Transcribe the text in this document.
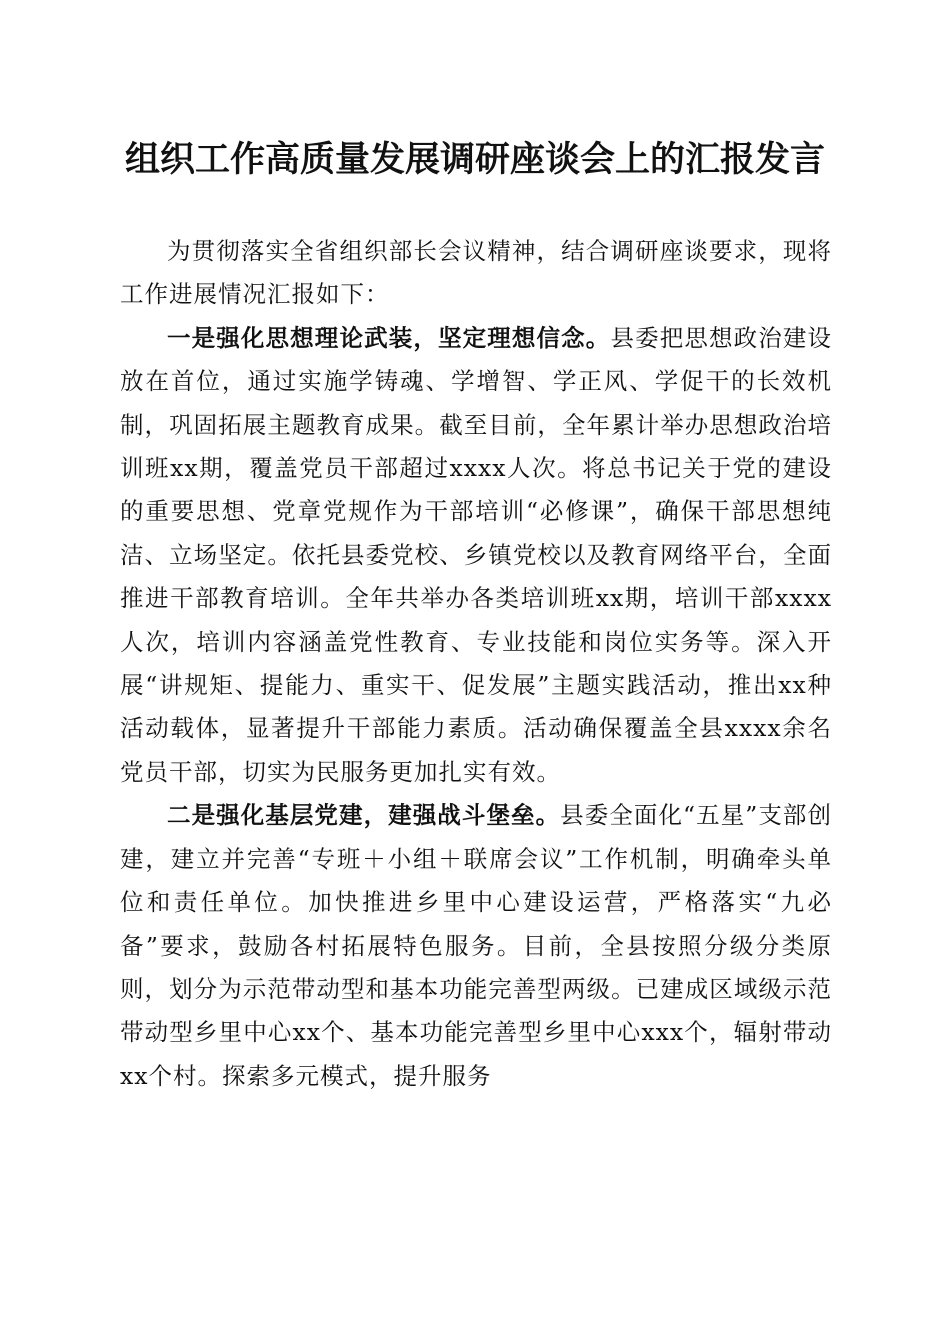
组织工作高质量发展调研座谈会上的汇报发言

为贯彻落实全省组织部长会议精神，结合调研座谈要求，现将工作进展情况汇报如下：

一是强化思想理论武装，坚定理想信念。县委把思想政治建设放在首位，通过实施学铸魂、学增智、学正风、学促干的长效机制，巩固拓展主题教育成果。截至目前，全年累计举办思想政治培训班xx期，覆盖党员干部超过xxxx人次。将总书记关于党的建设的重要思想、党章党规作为干部培训“必修课”，确保干部思想纯洁、立场坚定。依托县委党校、乡镇党校以及教育网络平台，全面推进干部教育培训。全年共举办各类培训班xx期，培训干部xxxx人次，培训内容涵盖党性教育、专业技能和岗位实务等。深入开展“讲规矩、提能力、重实干、促发展”主题实践活动，推出xx种活动载体，显著提升干部能力素质。活动确保覆盖全县xxxx余名党员干部，切实为民服务更加扎实有效。

二是强化基层党建，建强战斗堡垒。县委全面化“五星”支部创建，建立并完善“专班＋小组＋联席会议”工作机制，明确牵头单位和责任单位。加快推进乡里中心建设运营，严格落实“九必备”要求，鼓励各村拓展特色服务。目前，全县按照分级分类原则，划分为示范带动型和基本功能完善型两级。已建成区域级示范带动型乡里中心xx个、基本功能完善型乡里中心xxx个，辐射带动xx个村。探索多元模式，提升服务
